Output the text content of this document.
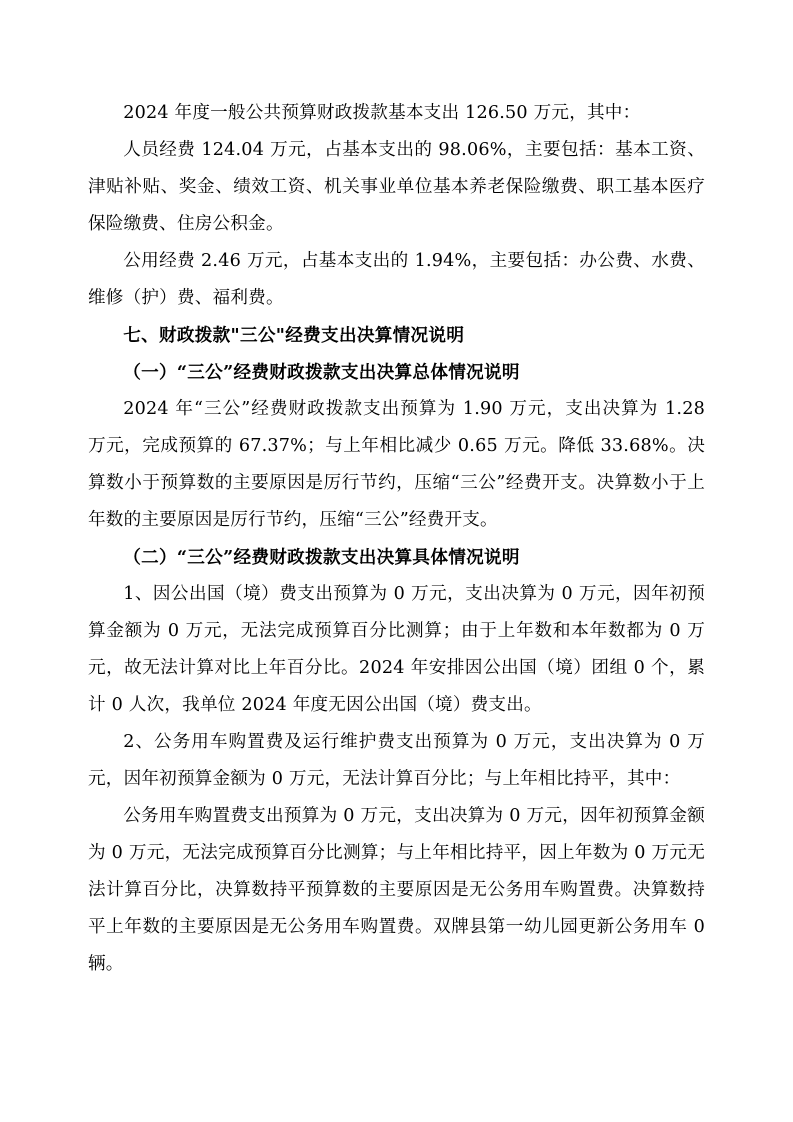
2024 年度一般公共预算财政拨款基本支出 126.50 万元，其中：

人员经费 124.04 万元，占基本支出的 98.06%，主要包括：基本工资、津贴补贴、奖金、绩效工资、机关事业单位基本养老保险缴费、职工基本医疗保险缴费、住房公积金。

公用经费 2.46 万元，占基本支出的 1.94%，主要包括：办公费、水费、维修（护）费、福利费。

七、财政拨款"三公"经费支出决算情况说明

（一）“三公”经费财政拨款支出决算总体情况说明

2024 年“三公”经费财政拨款支出预算为 1.90 万元，支出决算为 1.28 万元，完成预算的 67.37%；与上年相比减少 0.65 万元。降低 33.68%。决算数小于预算数的主要原因是厉行节约，压缩“三公”经费开支。决算数小于上年数的主要原因是厉行节约，压缩“三公”经费开支。

（二）“三公”经费财政拨款支出决算具体情况说明

1、因公出国（境）费支出预算为 0 万元，支出决算为 0 万元，因年初预算金额为 0 万元，无法完成预算百分比测算；由于上年数和本年数都为 0 万元，故无法计算对比上年百分比。2024 年安排因公出国（境）团组 0 个，累计 0 人次，我单位 2024 年度无因公出国（境）费支出。

2、公务用车购置费及运行维护费支出预算为 0 万元，支出决算为 0 万元，因年初预算金额为 0 万元，无法计算百分比；与上年相比持平，其中：

公务用车购置费支出预算为 0 万元，支出决算为 0 万元，因年初预算金额为 0 万元，无法完成预算百分比测算；与上年相比持平，因上年数为 0 万元无法计算百分比，决算数持平预算数的主要原因是无公务用车购置费。决算数持平上年数的主要原因是无公务用车购置费。双牌县第一幼儿园更新公务用车 0 辆。
